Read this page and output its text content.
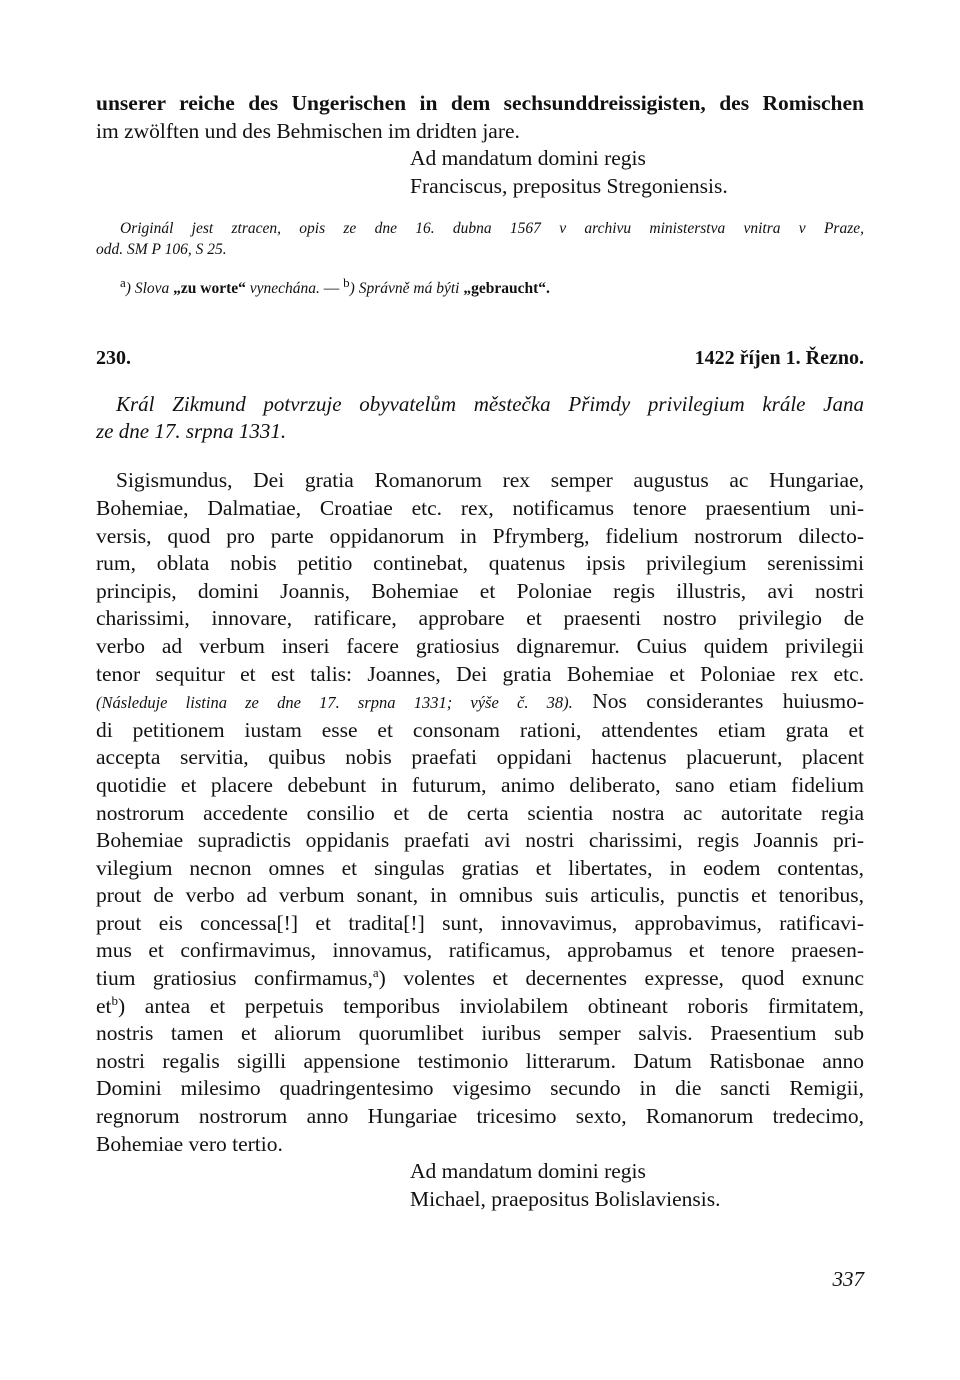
unserer reiche des Ungerischen in dem sechsunddreissigisten, des Romischen
im zwölften und des Behmischen im dridten jare.
Ad mandatum domini regis
Franciscus, prepositus Stregoniensis.
Originál jest ztracen, opis ze dne 16. dubna 1567 v archivu ministerstva vnitra v Praze,
odd. SM P 106, S 25.
$^a$) Slova „zu worte“ vynechána. — $^b$) Správně má býti „gebraucht“.
230.	1422 říjen 1. Řezno.
Král Zikmund potvrzuje obyvatelům městečka Přimdy privilegium krále Jana
ze dne 17. srpna 1331.
Sigismundus, Dei gratia Romanorum rex semper augustus ac Hungariae,
Bohemiae, Dalmatiae, Croatiae etc. rex, notificamus tenore praesentium uni-
versis, quod pro parte oppidanorum in Pfrymberg, fidelium nostrorum dilecto-
rum, oblata nobis petitio continebat, quatenus ipsis privilegium serenissimi
principis, domini Joannis, Bohemiae et Poloniae regis illustris, avi nostri
charissimi, innovare, ratificare, approbare et praesenti nostro privilegio de
verbo ad verbum inseri facere gratiosius dignaremur. Cuius quidem privilegii
tenor sequitur et est talis: Joannes, Dei gratia Bohemiae et Poloniae rex etc.
(Následuje listina ze dne 17. srpna 1331; výše č. 38). Nos considerantes huiusmo-
di petitionem iustam esse et consonam rationi, attendentes etiam grata et
accepta servitia, quibus nobis praefati oppidani hactenus placuerunt, placent
quotidie et placere debebunt in futurum, animo deliberato, sano etiam fidelium
nostrorum accedente consilio et de certa scientia nostra ac autoritate regia
Bohemiae supradictis oppidanis praefati avi nostri charissimi, regis Joannis pri-
vilegium necnon omnes et singulas gratias et libertates, in eodem contentas,
prout de verbo ad verbum sonant, in omnibus suis articulis, punctis et tenoribus,
prout eis concessa[!] et tradita[!] sunt, innovavimus, approbavimus, ratificavi-
mus et confirmavimus, innovamus, ratificamus, approbamus et tenore praesen-
tium gratiosius confirmamus,$^a$) volentes et decernentes expresse, quod exnunc
$et^b$) antea et perpetuis temporibus inviolabilem obtineant roboris firmitatem,
nostris tamen et aliorum quorumlibet iuribus semper salvis. Praesentium sub
nostri regalis sigilli appensione testimonio litterarum. Datum Ratisbonae anno
Domini milesimo quadringentesimo vigesimo secundo in die sancti Remigii,
regnorum nostrorum anno Hungariae tricesimo sexto, Romanorum tredecimo,
Bohemiae vero tertio.
Ad mandatum domini regis
Michael, praepositus Bolislaviensis.
337
